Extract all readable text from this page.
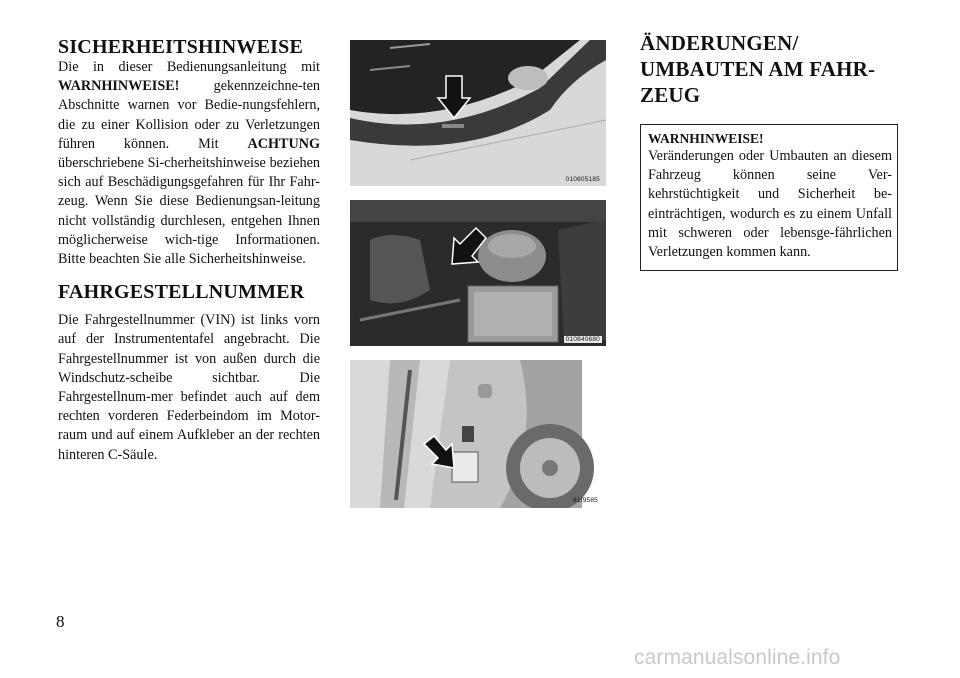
SICHERHEITSHINWEISE

Die in dieser Bedienungsanleitung mit WARNHINWEISE! gekennzeichne-ten Abschnitte warnen vor Bedie-nungsfehlern, die zu einer Kollision oder zu Verletzungen führen können. Mit ACHTUNG überschriebene Si-cherheitshinweise beziehen sich auf Beschädigungsgefahren für Ihr Fahr-zeug. Wenn Sie diese Bedienungsan-leitung nicht vollständig durchlesen, entgehen Ihnen möglicherweise wich-tige Informationen. Bitte beachten Sie alle Sicherheitshinweise.

FAHRGESTELLNUMMER

Die Fahrgestellnummer (VIN) ist links vorn auf der Instrumententafel angebracht. Die Fahrgestellnummer ist von außen durch die Windschutz-scheibe sichtbar. Die Fahrgestellnum-mer befindet auch auf dem rechten vorderen Federbeindom im Motor-raum und auf einem Aufkleber an der rechten hinteren C-Säule.

010805185
010840680
81f9585
ÄNDERUNGEN/
UMBAUTEN AM FAHR-
ZEUG
WARNHINWEISE!

Veränderungen oder Umbauten an diesem Fahrzeug können seine Ver-kehrstüchtigkeit und Sicherheit be-einträchtigen, wodurch es zu einem Unfall mit schweren oder lebensge-fährlichen Verletzungen kommen kann.

8
carmanualsonline.info
